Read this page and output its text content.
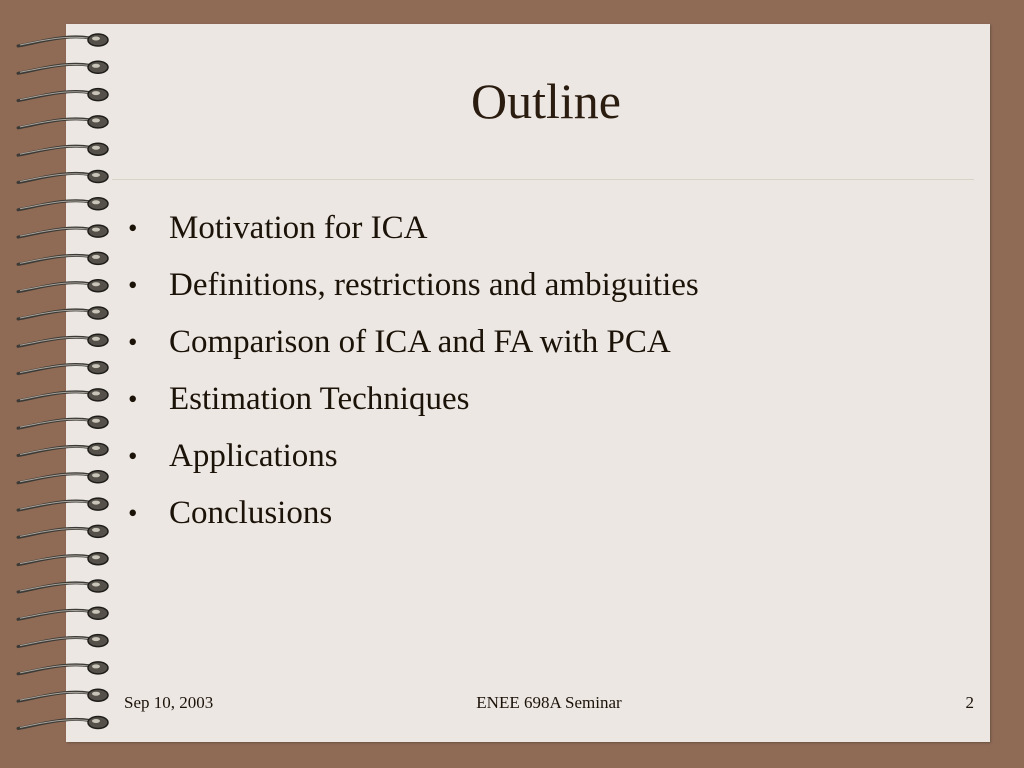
Outline
• Motivation for ICA
• Definitions, restrictions and ambiguities
• Comparison of ICA and FA with PCA
• Estimation Techniques
• Applications
• Conclusions
Sep 10, 2003	ENEE 698A Seminar	2
